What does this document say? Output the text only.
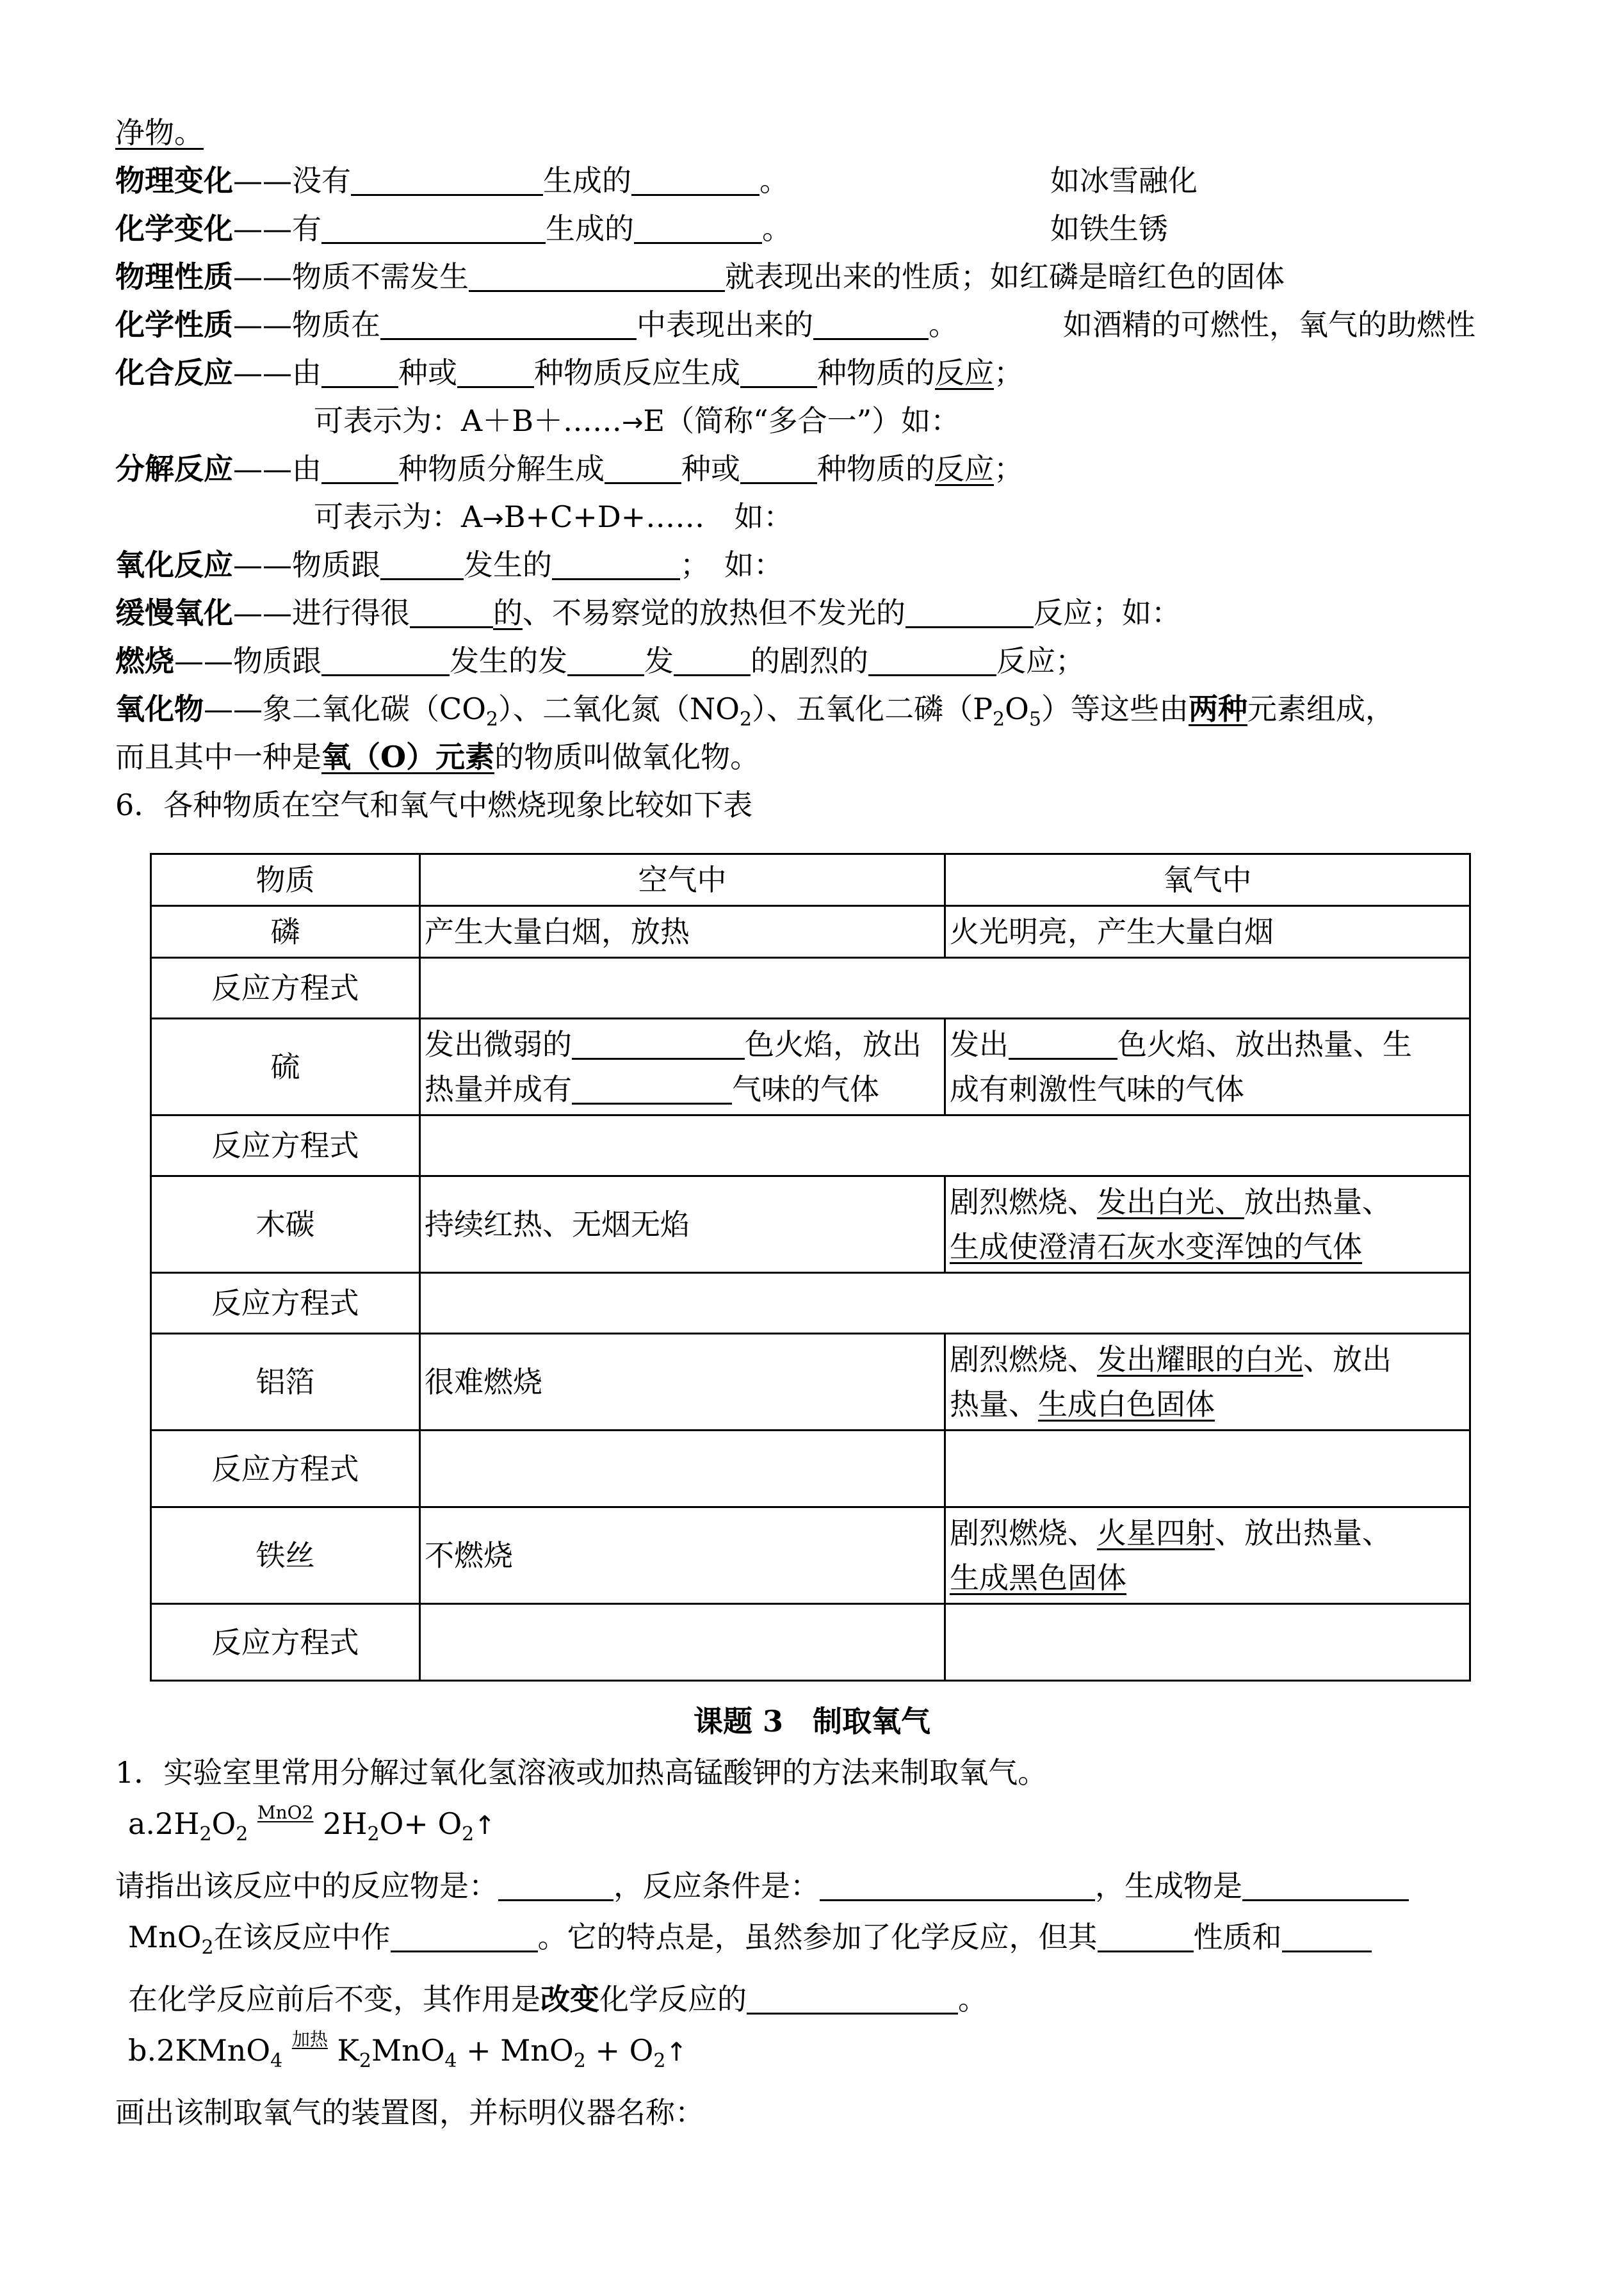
净物。
物理变化——没有	生成的	。	如冰雪融化
化学变化——有	生成的	。	如铁生锈
物理性质——物质不需发生	就表现出来的性质；如红磷是暗红色的固体
化学性质——物质在	中表现出来的	。	如酒精的可燃性，氧气的助燃性
化合反应——由	种或	种物质反应生成	种物质的反应；
可表示为：A＋B＋……→E（简称“多合一”）如：
分解反应——由	种物质分解生成	种或	种物质的反应；
可表示为：A→B+C+D+……　如：
氧化反应——物质跟	发生的	；　如：
缓慢氧化——进行得很	的、不易察觉的放热但不发光的	反应；如：
燃烧——物质跟	发生的发	发	的剧烈的	反应；
氧化物——象二氧化碳$(CO_2)$、二氧化氮$(NO_2)$、五氧化二磷$(P_2O_5)$等这些由两种元素组成，
而且其中一种是氧（O）元素的物质叫做氧化物。
6．各种物质在空气和氧气中燃烧现象比较如下表
物质	空气中	氧气中
磷	产生大量白烟，放热	火光明亮，产生大量白烟
反应方程式		
硫	发出微弱的 色火焰，放出
热量并成有 气味的气体	发出 色火焰、放出热量、生
成有刺激性气味的气体
反应方程式		
木碳	持续红热、无烟无焰	剧烈燃烧、发出白光、放出热量、
生成使澄清石灰水变浑蚀的气体
反应方程式		
铝箔	很难燃烧	剧烈燃烧、发出耀眼的白光、放出
热量、生成白色固体
反应方程式		
铁丝	不燃烧	剧烈燃烧、火星四射、放出热量、
生成黑色固体
反应方程式		
课题 3　制取氧气
1．实验室里常用分解过氧化氢溶液或加热高锰酸钾的方法来制取氧气。
$a.2H_2O_2$ $^{MnO2}$ $2H_2O+$ $O_2↑$
请指出该反应中的反应物是：	，反应条件是：	，生成物是
MnO$_2$在该反应中作	。它的特点是，虽然参加了化学反应，但其	性质和
在化学反应前后不变，其作用是改变化学反应的	。
b.2KMnO$_4$ $^{加热}$ $K_2MnO_4 + MnO_2$ + $O_2↑$
画出该制取氧气的装置图，并标明仪器名称：
